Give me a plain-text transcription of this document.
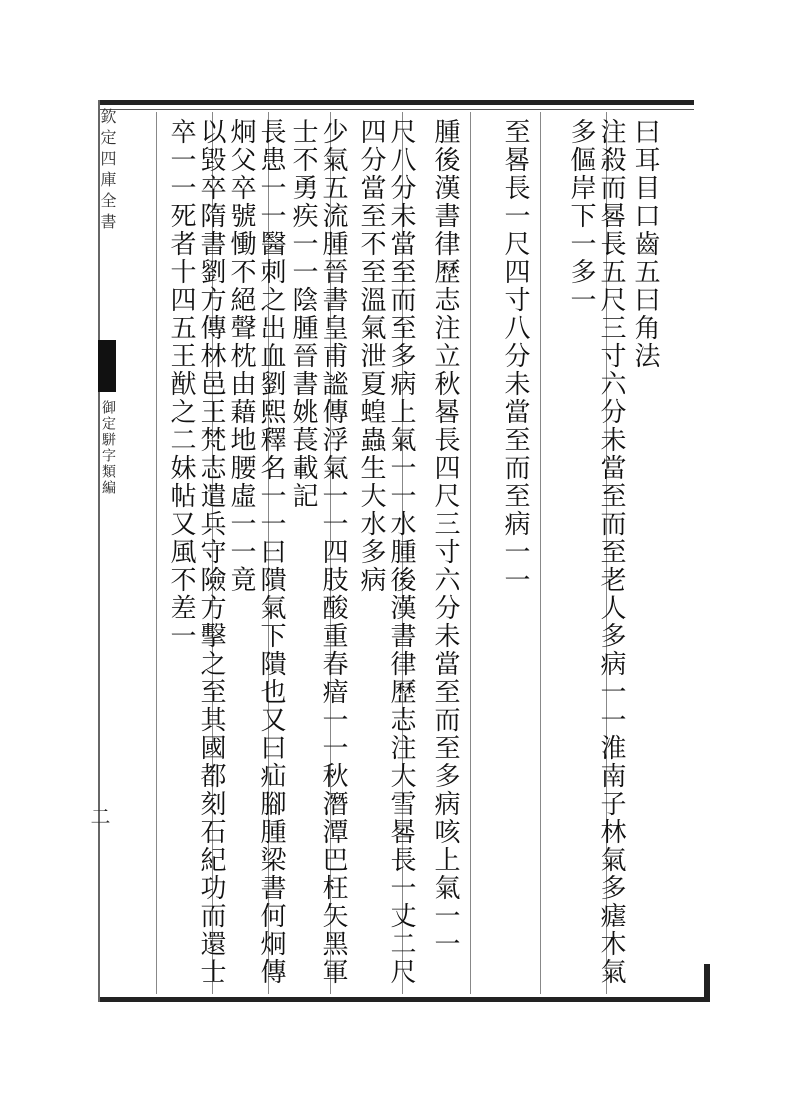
欽定四庫全書
御定駢字類編
二
曰耳目口齒五曰角法
注殺而晷長五尺三寸六分未當至而至老人多病一一淮南子林氣多瘧木氣多傴岸下一多一
至晷長一尺四寸八分未當至而至病一一
腫後漢書律歷志注立秋晷長四尺三寸六分未當至而至多病咳上氣一一
尺八分未當至而至多病上氣一一水腫後漢書律歷志注大雪晷長一丈二尺四分當至不至溫氣泄夏蝗蟲生大水多病
少氣五流腫晉書皇甫謐傳浮氣一一四肢酸重春瘖一一秋潛潭巴枉矢黑軍士不勇疾一一陰腫晉書姚萇載記
長患一一醫刺之出血劉熙釋名一一曰隤氣下隤也又曰疝腳腫梁書何炯傳炯父卒號慟不絕聲枕由藉地腰虛一一竟
以毀卒隋書劉方傳林邑王梵志遣兵守險方擊之至其國都刻石紀功而還士卒一一死者十四五王猷之二妹帖又風不差一
